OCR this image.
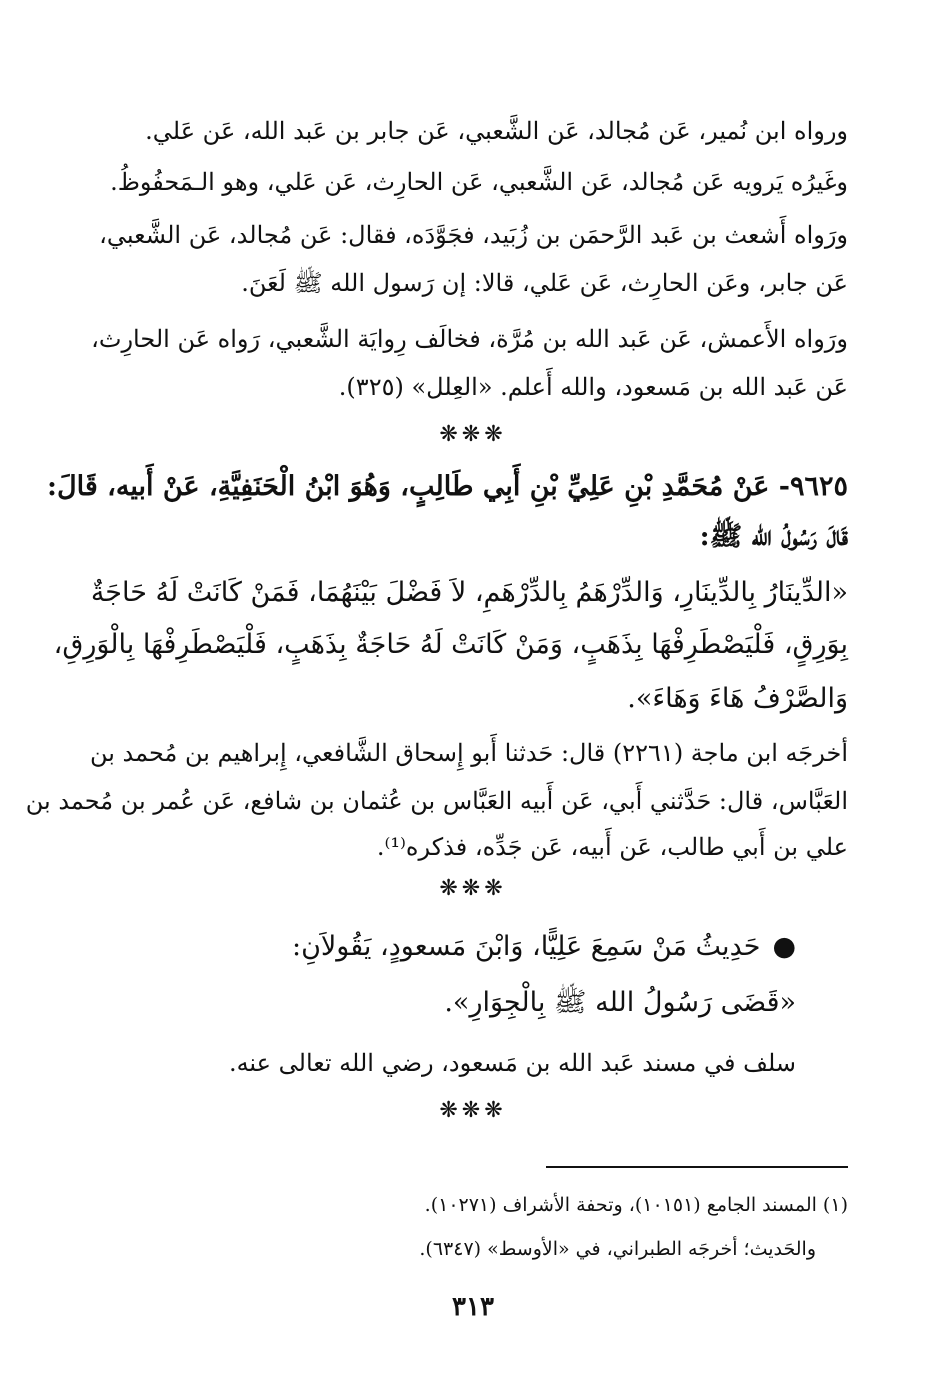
ورواه ابن نُمير، عَن مُجالد، عَن الشَّعبي، عَن جابر بن عَبد الله، عَن عَلي.
وغَيرُه يَرويه عَن مُجالد، عَن الشَّعبي، عَن الحارِث، عَن عَلي، وهو الـمَحفُوظُ.
ورَواه أَشعث بن عَبد الرَّحمَن بن زُبَيد، فجَوَّدَه، فقال: عَن مُجالد، عَن الشَّعبي،
عَن جابر، وعَن الحارِث، عَن عَلي، قالا: إن رَسول الله ﷺ لَعَنَ.
ورَواه الأَعمش، عَن عَبد الله بن مُرَّة، فخالَف رِوايَة الشَّعبي، رَواه عَن الحارِث،
عَن عَبد الله بن مَسعود، والله أَعلم. «العِلل» (٣٢٥).
❋❋❋
٩٦٢٥- عَنْ مُحَمَّدِ بْنِ عَلِيِّ بْنِ أَبِي طَالِبٍ، وَهُوَ ابْنُ الْحَنَفِيَّةِ، عَنْ أَبيه، قَالَ:
قَالَ رَسُولُ الله ﷺ:
«الدِّينَارُ بِالدِّينَارِ، وَالدِّرْهَمُ بِالدِّرْهَمِ، لاَ فَضْلَ بَيْنَهُمَا، فَمَنْ كَانَتْ لَهُ حَاجَةٌ
بِوَرِقٍ، فَلْيَصْطَرِفْهَا بِذَهَبٍ، وَمَنْ كَانَتْ لَهُ حَاجَةٌ بِذَهَبٍ، فَلْيَصْطَرِفْهَا بِالْوَرِقِ،
وَالصَّرْفُ هَاءَ وَهَاءَ».
أخرجَه ابن ماجة (٢٢٦١) قال: حَدثنا أَبو إِسحاق الشَّافعي، إِبراهيم بن مُحمد بن
العَبَّاس، قال: حَدَّثني أَبي، عَن أَبيه العَبَّاس بن عُثمان بن شافع، عَن عُمر بن مُحمد بن
علي بن أَبي طالب، عَن أَبيه، عَن جَدِّه، فذكره⁽¹⁾.
❋❋❋
●حَدِيثُ مَنْ سَمِعَ عَلِيًّا، وَابْنَ مَسعودٍ، يَقُولاَنِ:
«قَضَى رَسُولُ الله ﷺ بِالْجِوَارِ».
سلف في مسند عَبد الله بن مَسعود، رضي الله تعالى عنه.
❋❋❋
(١) المسند الجامع (١٠١٥١)، وتحفة الأشراف (١٠٢٧١).
والحَديث؛ أخرجَه الطبراني، في «الأوسط» (٦٣٤٧).
٣١٣
